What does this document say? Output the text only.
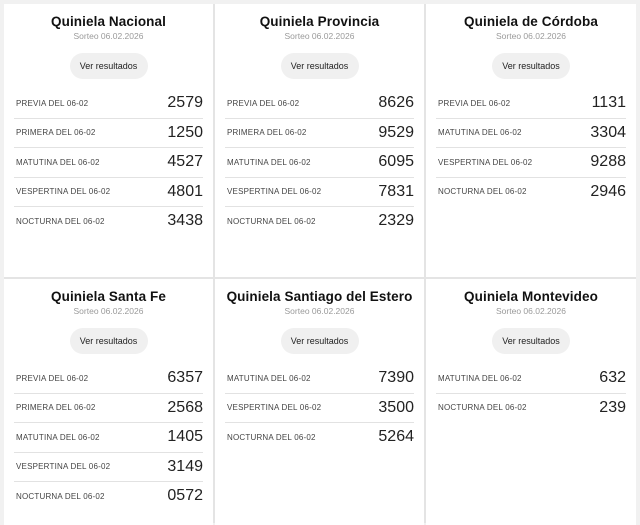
Quiniela Nacional
Sorteo 06.02.2026
Ver resultados
PREVIA DEL 06-02	2579
PRIMERA DEL 06-02	1250
MATUTINA DEL 06-02	4527
VESPERTINA DEL 06-02	4801
NOCTURNA DEL 06-02	3438
Quiniela Provincia
Sorteo 06.02.2026
Ver resultados
PREVIA DEL 06-02	8626
PRIMERA DEL 06-02	9529
MATUTINA DEL 06-02	6095
VESPERTINA DEL 06-02	7831
NOCTURNA DEL 06-02	2329
Quiniela de Córdoba
Sorteo 06.02.2026
Ver resultados
PREVIA DEL 06-02	1131
MATUTINA DEL 06-02	3304
VESPERTINA DEL 06-02	9288
NOCTURNA DEL 06-02	2946
Quiniela Santa Fe
Sorteo 06.02.2026
Ver resultados
PREVIA DEL 06-02	6357
PRIMERA DEL 06-02	2568
MATUTINA DEL 06-02	1405
VESPERTINA DEL 06-02	3149
NOCTURNA DEL 06-02	0572
Quiniela Santiago del Estero
Sorteo 06.02.2026
Ver resultados
MATUTINA DEL 06-02	7390
VESPERTINA DEL 06-02	3500
NOCTURNA DEL 06-02	5264
Quiniela Montevideo
Sorteo 06.02.2026
Ver resultados
MATUTINA DEL 06-02	632
NOCTURNA DEL 06-02	239
